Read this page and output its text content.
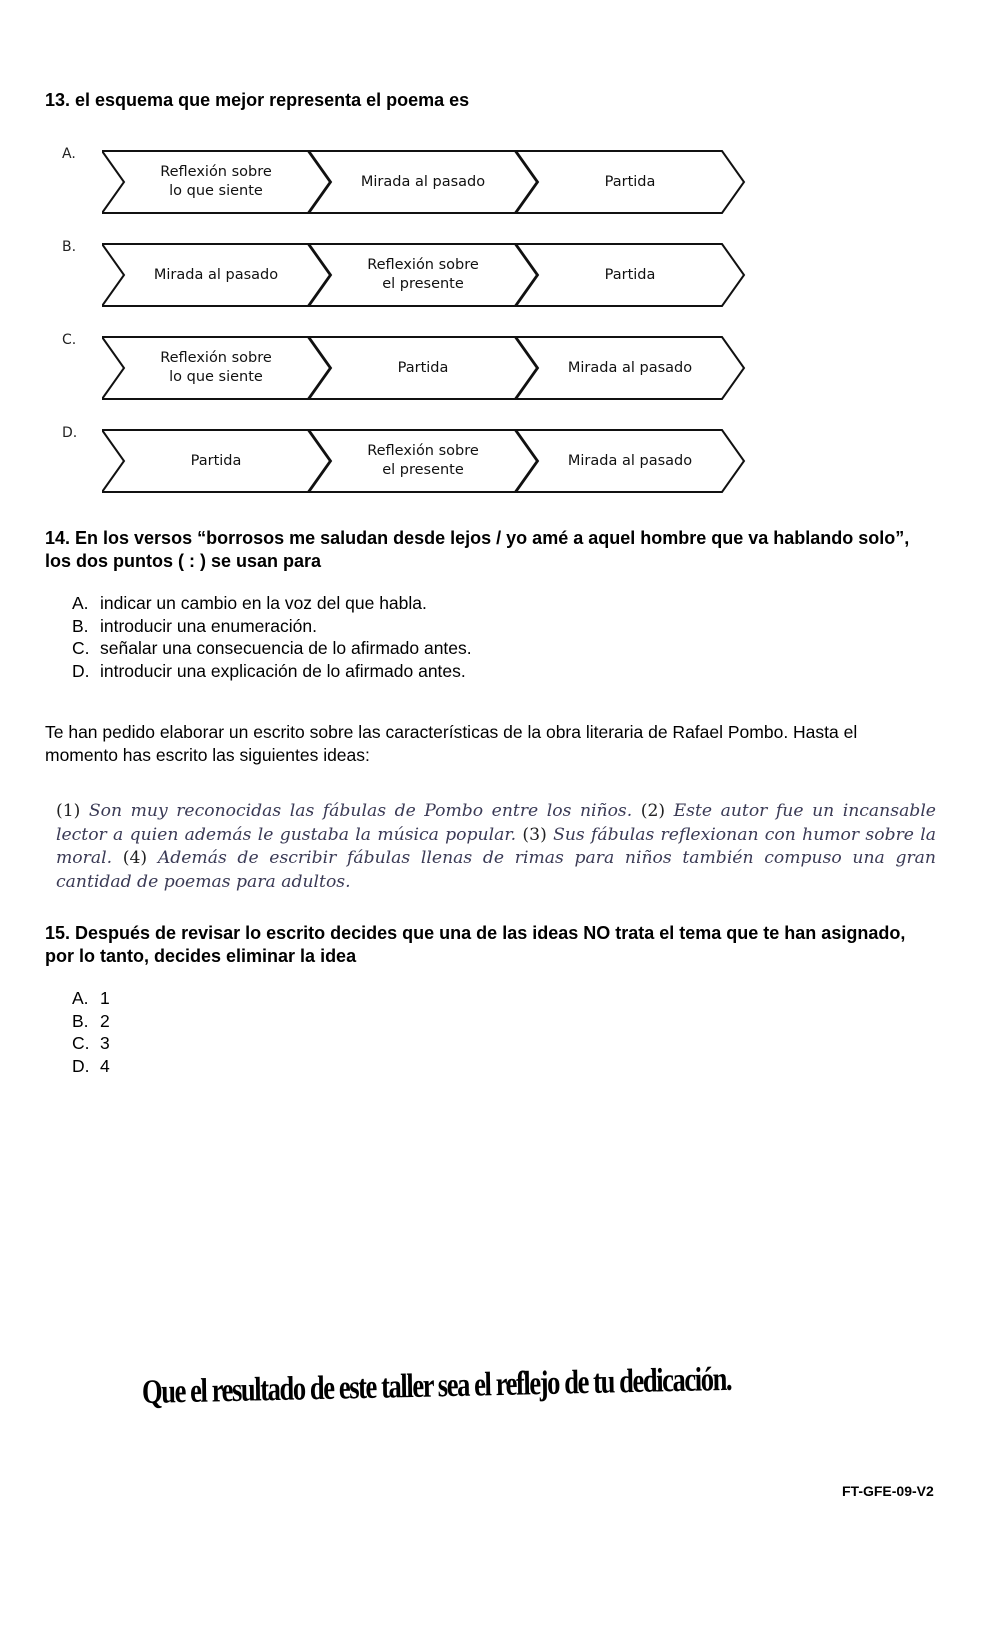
13. el esquema que mejor representa el poema es
A.
Reflexión sobre
lo que siente
Mirada al pasado	Partida
B.
Mirada al pasado
Reflexión sobre
el presente
Partida
C.
Reflexión sobre
lo que siente
Partida	Mirada al pasado
D.
Partida
Reflexión sobre
el presente
Mirada al pasado
14. En los versos “borrosos me saludan desde lejos / yo amé a aquel hombre que va hablando solo”, los dos puntos ( : ) se usan para
A. indicar un cambio en la voz del que habla.
B. introducir una enumeración.
C. señalar una consecuencia de lo afirmado antes.
D. introducir una explicación de lo afirmado antes.
Te han pedido elaborar un escrito sobre las características de la obra literaria de Rafael Pombo. Hasta el momento has escrito las siguientes ideas:
(1) Son muy reconocidas las fábulas de Pombo entre los niños. (2) Este autor fue un incansable lector a quien además le gustaba la música popular. (3) Sus fábulas reflexionan con humor sobre la moral. (4) Además de escribir fábulas llenas de rimas para niños también compuso una gran cantidad de poemas para adultos.
15. Después de revisar lo escrito decides que una de las ideas NO trata el tema que te han asignado, por lo tanto, decides eliminar la idea
A. 1
B. 2
C. 3
D. 4
Que el resultado de este taller sea el reflejo de tu dedicación.
FT-GFE-09-V2
